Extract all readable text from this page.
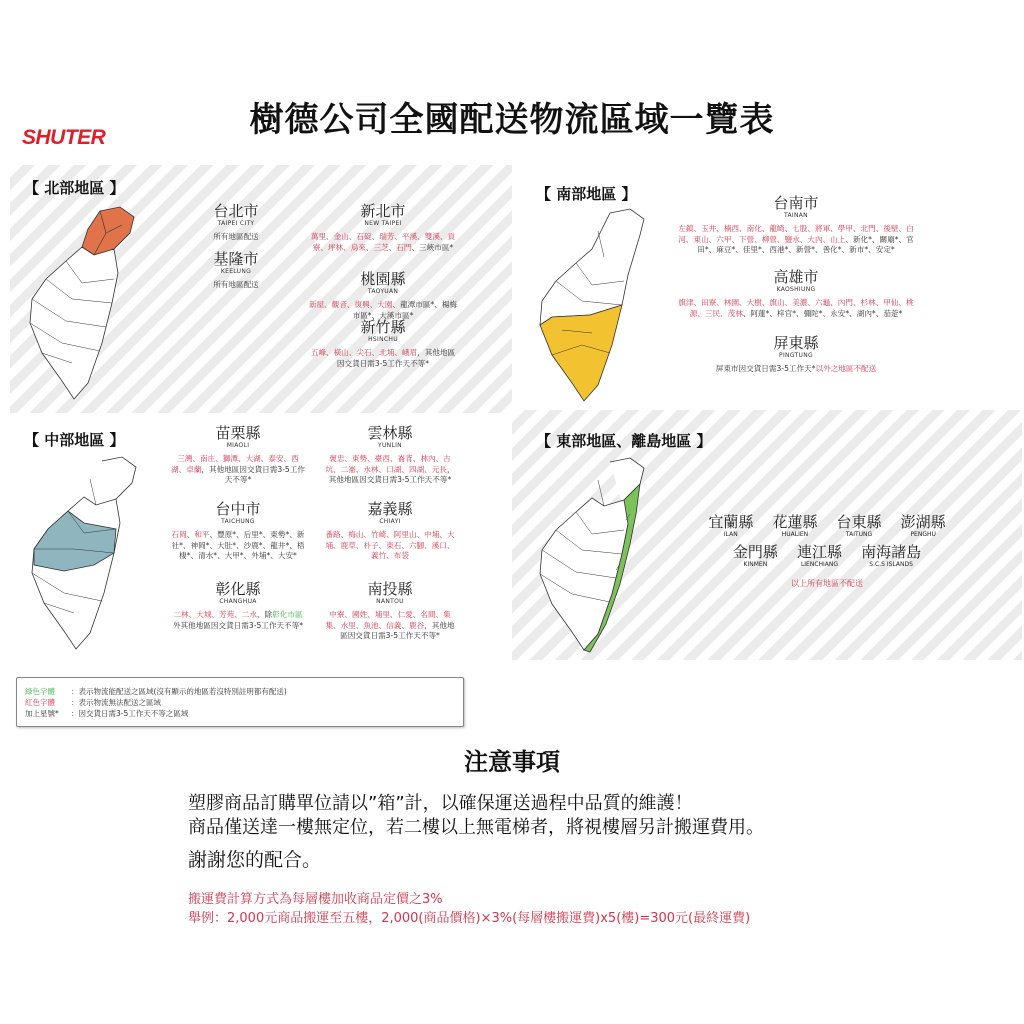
樹德公司全國配送物流區域一覽表
SHUTER
【 北部地區 】
台北市
TAIPEI CITY
所有地區配送
基隆市
KEELUNG
所有地區配送
新北市
NEW TAIPEI
萬里、金山、石碇、瑞芳、平溪、雙溪、貢寮、坪林、烏來、三芝、石門、三峽市區*
桃園縣
TAOYUAN
新屋、觀音、復興、大園、龍潭市區*、楊梅市區*、大溪市區*
新竹縣
HSINCHU
五峰、橫山、尖石、北埔、峨眉，其他地區因交貨日需3-5工作天不等*
【 南部地區 】	台南市
TAINAN
左鎮、玉井、楠西、南化、龍崎、七股、將軍、學甲、北門、後壁、白河、東山、六甲、下營、柳營、鹽水、大內、山上、新化*、關廟*、官田*、麻豆*、佳里*、西港*、新營*、善化*、新市*、安定*
高雄市
KAOSHIUNG
旗津、田寮、林園、大樹、旗山、美濃、六龜、內門、杉林、甲仙、桃源、三民、茂林、阿蓮*、梓官*、彌陀*、永安*、湖內*、茄萣*
屏東縣
PINGTUNG
屏東市因交貨日需3-5工作天*以外之地區不配送
【 中部地區 】	苗栗縣
MIAOLI
三灣、南庄、獅潭、大湖、泰安、西湖、卓蘭，其他地區因交貨日需3-5工作天不等*
雲林縣
YUNLIN
褒忠、東勢、臺西、崙背、林內、古坑、二崙、水林、口湖、四湖、元長，其他地區因交貨日需3-5工作天不等*
台中市
TAICHUNG
石岡、和平、豐原*、后里*、東勢*、新社*、神岡*、大肚*、沙鹿*、龍井*、梧棲*、清水*、大甲*、外埔*、大安*
嘉義縣
CHIAYI
番路、梅山、竹崎、阿里山、中埔、大埔、鹿草、朴子、東石、六腳、溪口、義竹、布袋
彰化縣
CHANGHUA
二林、大城、芳苑、二水、除彰化市區外其他地區因交貨日需3-5工作天不等*
南投縣
NANTOU
中寮、國姓、埔里、仁愛、名間、集集、水里、魚池、信義、鹿谷，其他地區因交貨日需3-5工作天不等*
【 東部地區、離島地區 】
宜蘭縣
ILAN

花蓮縣
HUALIEN

台東縣
TAITUNG

澎湖縣
PENGHU
金門縣
KINMEN

連江縣
LIENCHIANG

南海諸島
S.C.S ISLANDS
以上所有地區不配送
綠色字體	：表示物流能配送之區域(沒有顯示的地區若沒特別註明都有配送)
紅色字體	：表示物流無法配送之區域
加上星號*	：因交貨日需3-5工作天不等之區域
注意事項
塑膠商品訂購單位請以”箱”計，以確保運送過程中品質的維護！
商品僅送達一樓無定位，若二樓以上無電梯者，將視樓層另計搬運費用。
謝謝您的配合。
搬運費計算方式為每層樓加收商品定價之3%
舉例：2,000元商品搬運至五樓，2,000(商品價格)×3%(每層樓搬運費)x5(樓)=300元(最終運費)
